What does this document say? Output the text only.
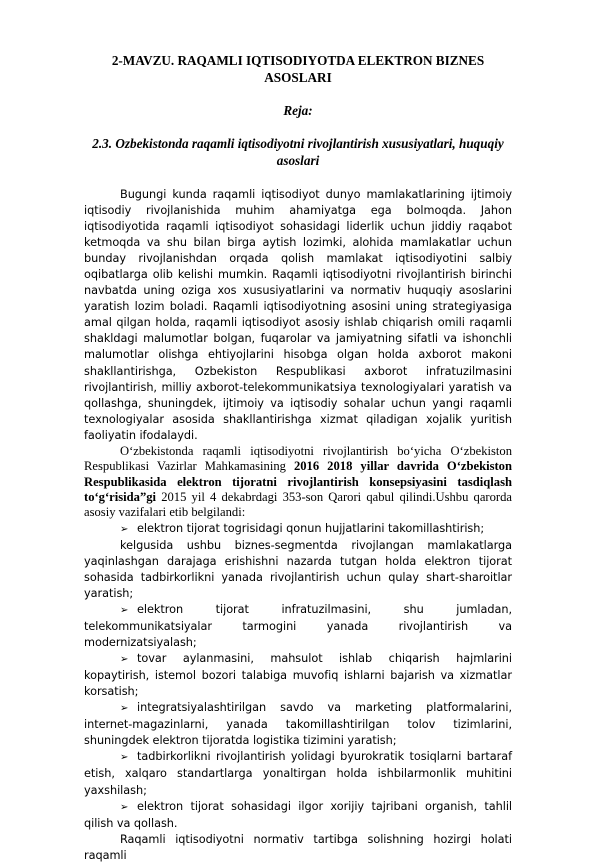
2-MAVZU. RAQAMLI IQTISODIYOTDA ELEKTRON BIZNES
ASOSLARI
Reja:
2.3. Ozbekistonda raqamli iqtisodiyotni rivojlantirish xususiyatlari, huquqiy
asoslari

Bugungi kunda raqamli iqtisodiyot dunyo mamlakatlarining ijtimoiy iqtisodiy rivojlanishida muhim ahamiyatga ega bolmoqda. Jahon iqtisodiyotida raqamli iqtisodiyot sohasidagi liderlik uchun jiddiy raqabot ketmoqda va shu bilan birga aytish lozimki, alohida mamlakatlar uchun bunday rivojlanishdan orqada qolish mamlakat iqtisodiyotini salbiy oqibatlarga olib kelishi mumkin. Raqamli iqtisodiyotni rivojlantirish birinchi navbatda uning oziga xos xususiyatlarini va normativ huquqiy asoslarini yaratish lozim boladi. Raqamli iqtisodiyotning asosini uning strategiyasiga amal qilgan holda, raqamli iqtisodiyot asosiy ishlab chiqarish omili raqamli shakldagi malumotlar bolgan, fuqarolar va jamiyatning sifatli va ishonchli malumotlar olishga ehtiyojlarini hisobga olgan holda axborot makoni shakllantirishga, Ozbekiston Respublikasi axborot infratuzilmasini rivojlantirish, milliy axborot-telekommunikatsiya texnologiyalari yaratish va qollashga, shuningdek, ijtimoiy va iqtisodiy sohalar uchun yangi raqamli texnologiyalar asosida shakllantirishga xizmat qiladigan xojalik yuritish faoliyatin ifodalaydi.

O‘zbekistonda raqamli iqtisodiyotni rivojlantirish bo‘yicha O‘zbekiston Respublikasi Vazirlar Mahkamasining 2016 2018 yillar davrida O‘zbekiston Respublikasida elektron tijoratni rivojlantirish konsepsiyasini tasdiqlash to‘g‘risida”gi 2015 yil 4 dekabrdagi 353-son Qarori qabul qilindi.Ushbu qarorda asosiy vazifalari etib belgilandi:

➢ elektron tijorat togrisidagi qonun hujjatlarini takomillashtirish;

kelgusida ushbu biznes-segmentda rivojlangan mamlakatlarga yaqinlashgan darajaga erishishni nazarda tutgan holda elektron tijorat sohasida tadbirkorlikni yanada rivojlantirish uchun qulay shart-sharoitlar yaratish;

➢ elektron tijorat infratuzilmasini, shu jumladan, telekommunikatsiyalar tarmogini yanada rivojlantirish va modernizatsiyalash;

➢ tovar aylanmasini, mahsulot ishlab chiqarish hajmlarini kopaytirish, istemol bozori talabiga muvofiq ishlarni bajarish va xizmatlar korsatish;

➢ integratsiyalashtirilgan savdo va marketing platformalarini, internet-magazinlarni, yanada takomillashtirilgan tolov tizimlarini, shuningdek elektron tijoratda logistika tizimini yaratish;

➢ tadbirkorlikni rivojlantirish yolidagi byurokratik tosiqlarni bartaraf etish, xalqaro standartlarga yonaltirgan holda ishbilarmonlik muhitini yaxshilash;

➢ elektron tijorat sohasidagi ilgor xorijiy tajribani organish, tahlil qilish va qollash.

Raqamli iqtisodiyotni normativ tartibga solishning hozirgi holati raqamli
